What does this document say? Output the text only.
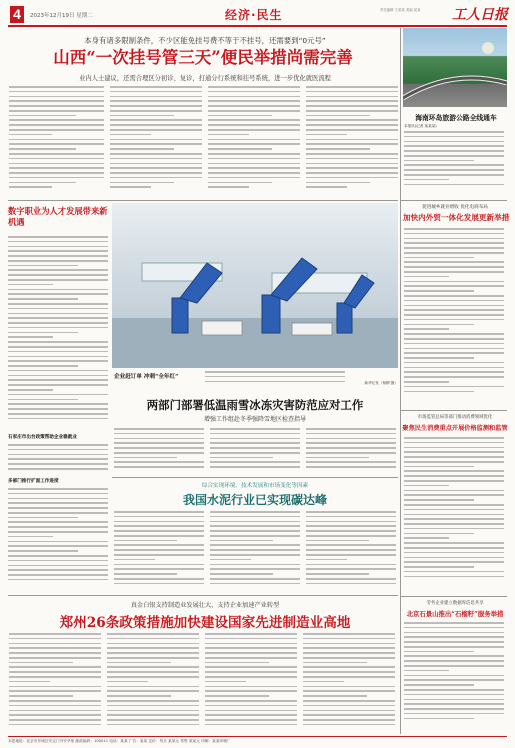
4	2023年12月19日 星期二	经济·民生	责任编辑 王某某 美编 某某	工人日报
本身有诸多限制条件，不少区能免挂号费不等于不挂号，还需要到“0元号”
山西“一次挂号管三天”便民举措尚需完善
业内人士建议，还需合理区分初诊、复诊，打通分行系统和挂号系统，进一步优化就医流程
海南环岛旅游公路全线通车
本报讯(记者 某某某)
数字职业为人才发展带来新机遇
石家庄市出台政策帮助企业稳就业
多部门推行扩面工作进度
企业赶订单 冲刺“全年红”
新华社发（杨柳 摄）
促进城乡就业增收 优化电商布局
加快内外贸一体化发展更新举措
市场监管总局等部门推动消费领域优化
聚焦民生消费重点开展价格监测和监管
劳务企业建立数据库信息共享
北京石景山推出“石榴籽”服务举措
两部门部署低温雨雪冰冻灾害防范应对工作
增强工作组赴冬季强降雪地区检查指导
综合实现环境、技术发展和市场变化等因素
我国水泥行业已实现碳达峰
真金白银支持制造业发展壮大，支持企业加速产业转型
郑州26条政策措施加快建设国家先进制造业高地
本报地址：北京市东城区安定门外安华里 邮政编码：100011 电话：某某 广告：某某 定价：每月 某某元 零售 某某元 印刷：某某印刷厂
